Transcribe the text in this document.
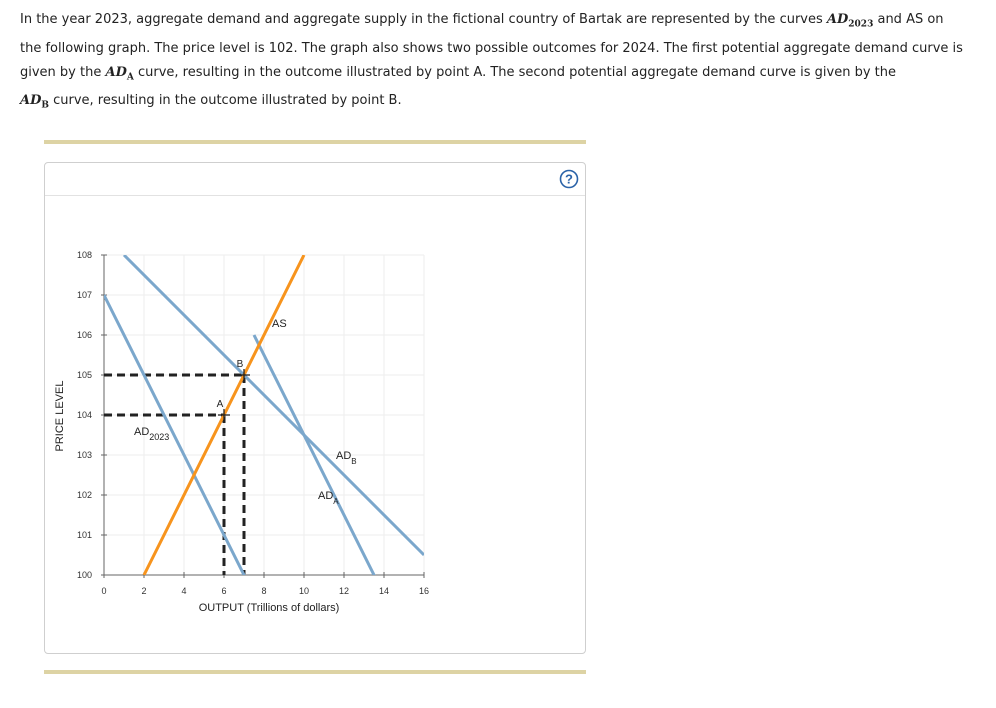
In the year 2023, aggregate demand and aggregate supply in the fictional country of Bartak are represented by the curves $AD_{2023}$ and AS on

the following graph. The price level is 102. The graph also shows two possible outcomes for 2024. The first potential aggregate demand curve is

given by the $AD_A$ curve, resulting in the outcome illustrated by point A. The second potential aggregate demand curve is given by the

$AD_B$ curve, resulting in the outcome illustrated by point B.

?
0	2	4	6	8	10	12	14	16
100
101
102
103
104
105
106
107
108
OUTPUT (Trillions of dollars)
PRICE LEVEL	A
B
$AD_{2023}$
$AD_A$
$AD_B$
AS
